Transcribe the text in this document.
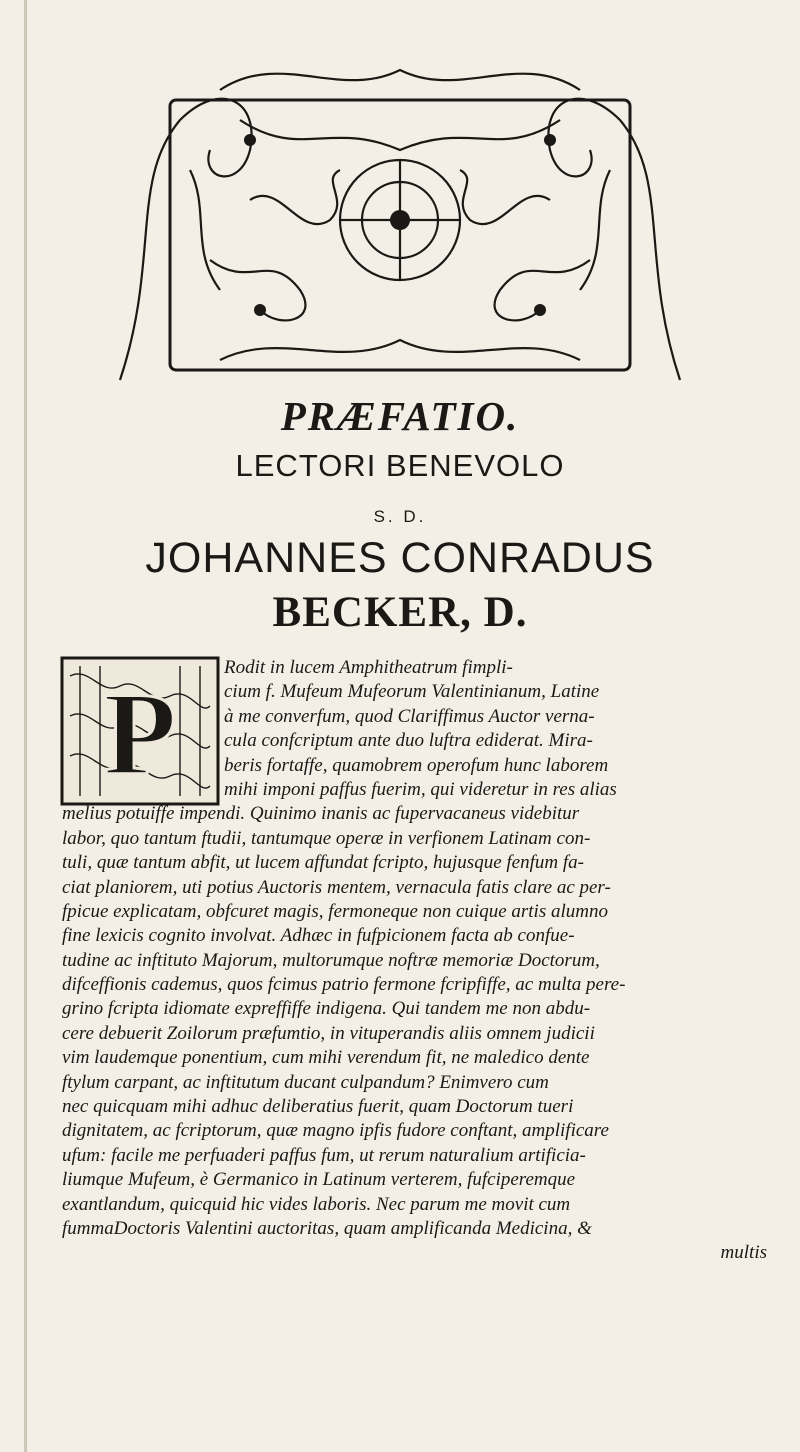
PRÆFATIO.
LECTORI BENEVOLO
S. D.
JOHANNES CONRADUS
BECKER, D.
P	Rodit in lucem Amphitheatrum fimpli-
cium f. Mufeum Mufeorum Valentinianum, Latine
à me converfum, quod Clariffimus Auctor verna-
cula confcriptum ante duo luftra ediderat. Mira-
beris fortaffe, quamobrem operofum hunc laborem
mihi imponi paffus fuerim, qui videretur in res alias
melius potuiffe impendi. Quinimo inanis ac fupervacaneus videbitur
labor, quo tantum ftudii, tantumque operæ in verfionem Latinam con-
tuli, quæ tantum abfit, ut lucem affundat fcripto, hujusque fenfum fa-
ciat planiorem, uti potius Auctoris mentem, vernacula fatis clare ac per-
fpicue explicatam, obfcuret magis, fermoneque non cuique artis alumno
fine lexicis cognito involvat. Adhæc in fufpicionem facta ab confue-
tudine ac inftituto Majorum, multorumque noftræ memoriæ Doctorum,
difceffionis cademus, quos fcimus patrio fermone fcripfiffe, ac multa pere-
grino fcripta idiomate expreffiffe indigena. Qui tandem me non abdu-
cere debuerit Zoilorum præfumtio, in vituperandis aliis omnem judicii
vim laudemque ponentium, cum mihi verendum fit, ne maledico dente
ftylum carpant, ac inftitutum ducant culpandum? Enimvero cum
nec quicquam mihi adhuc deliberatius fuerit, quam Doctorum tueri
dignitatem, ac fcriptorum, quæ magno ipfis fudore conftant, amplificare
ufum: facile me perfuaderi paffus fum, ut rerum naturalium artificia-
liumque Mufeum, è Germanico in Latinum verterem, fufciperemque
exantlandum, quicquid hic vides laboris. Nec parum me movit cum
fummaDoctoris Valentini auctoritas, quam amplificanda Medicina, &
multis
